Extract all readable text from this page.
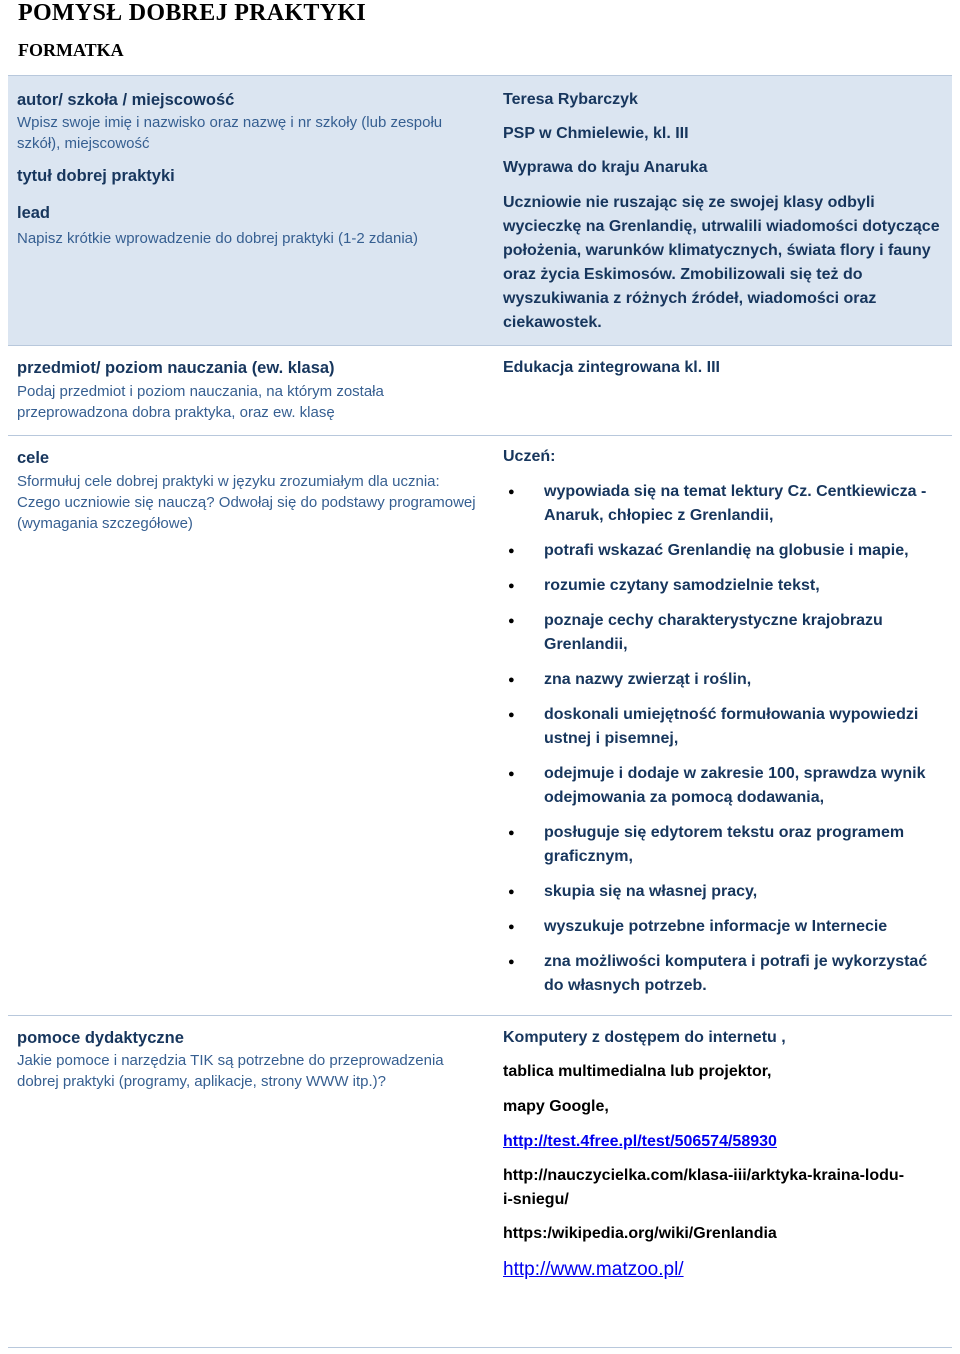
POMYSŁ DOBREJ PRAKTYKI
FORMATKA
autor/ szkoła / miejscowość
Wpisz swoje imię i nazwisko oraz nazwę i nr szkoły (lub zespołu szkół), miejscowość
tytuł dobrej praktyki
lead
Napisz krótkie wprowadzenie do dobrej praktyki (1-2 zdania)
przedmiot/ poziom nauczania (ew. klasa)
Podaj przedmiot i poziom nauczania, na którym została przeprowadzona dobra praktyka, oraz ew. klasę
cele
Sformułuj cele dobrej praktyki w języku zrozumiałym dla ucznia: Czego uczniowie się nauczą? Odwołaj się do podstawy programowej (wymagania szczegółowe)
pomoce dydaktyczne
Jakie pomoce i narzędzia TIK są potrzebne do przeprowadzenia dobrej praktyki (programy, aplikacje, strony WWW itp.)?
Teresa Rybarczyk
PSP w Chmielewie, kl. III
Wyprawa do kraju Anaruka
Uczniowie nie ruszając się ze swojej klasy odbyli wycieczkę na Grenlandię, utrwalili wiadomości dotyczące położenia, warunków klimatycznych, świata flory i fauny oraz życia Eskimosów. Zmobilizowali się też do wyszukiwania z różnych źródeł, wiadomości oraz ciekawostek.
Edukacja zintegrowana kl. III
Uczeń:
● wypowiada się na temat lektury Cz. Centkiewicza - Anaruk, chłopiec z Grenlandii,
● potrafi wskazać Grenlandię na globusie i mapie,
● rozumie czytany samodzielnie tekst,
● poznaje cechy charakterystyczne krajobrazu Grenlandii,
● zna nazwy zwierząt i roślin,
● doskonali umiejętność formułowania wypowiedzi ustnej i pisemnej,
● odejmuje i dodaje w zakresie 100, sprawdza wynik odejmowania za pomocą dodawania,
● posługuje się edytorem tekstu oraz programem graficznym,
● skupia się na własnej pracy,
● wyszukuje potrzebne informacje w Internecie
● zna możliwości komputera i potrafi je wykorzystać do własnych potrzeb.
Komputery z dostępem do internetu ,
tablica multimedialna lub projektor,
mapy Google,
http://test.4free.pl/test/506574/58930
http://nauczycielka.com/klasa-iii/arktyka-kraina-lodu-i-sniegu/
https:/wikipedia.org/wiki/Grenlandia
http://www.matzoo.pl/
